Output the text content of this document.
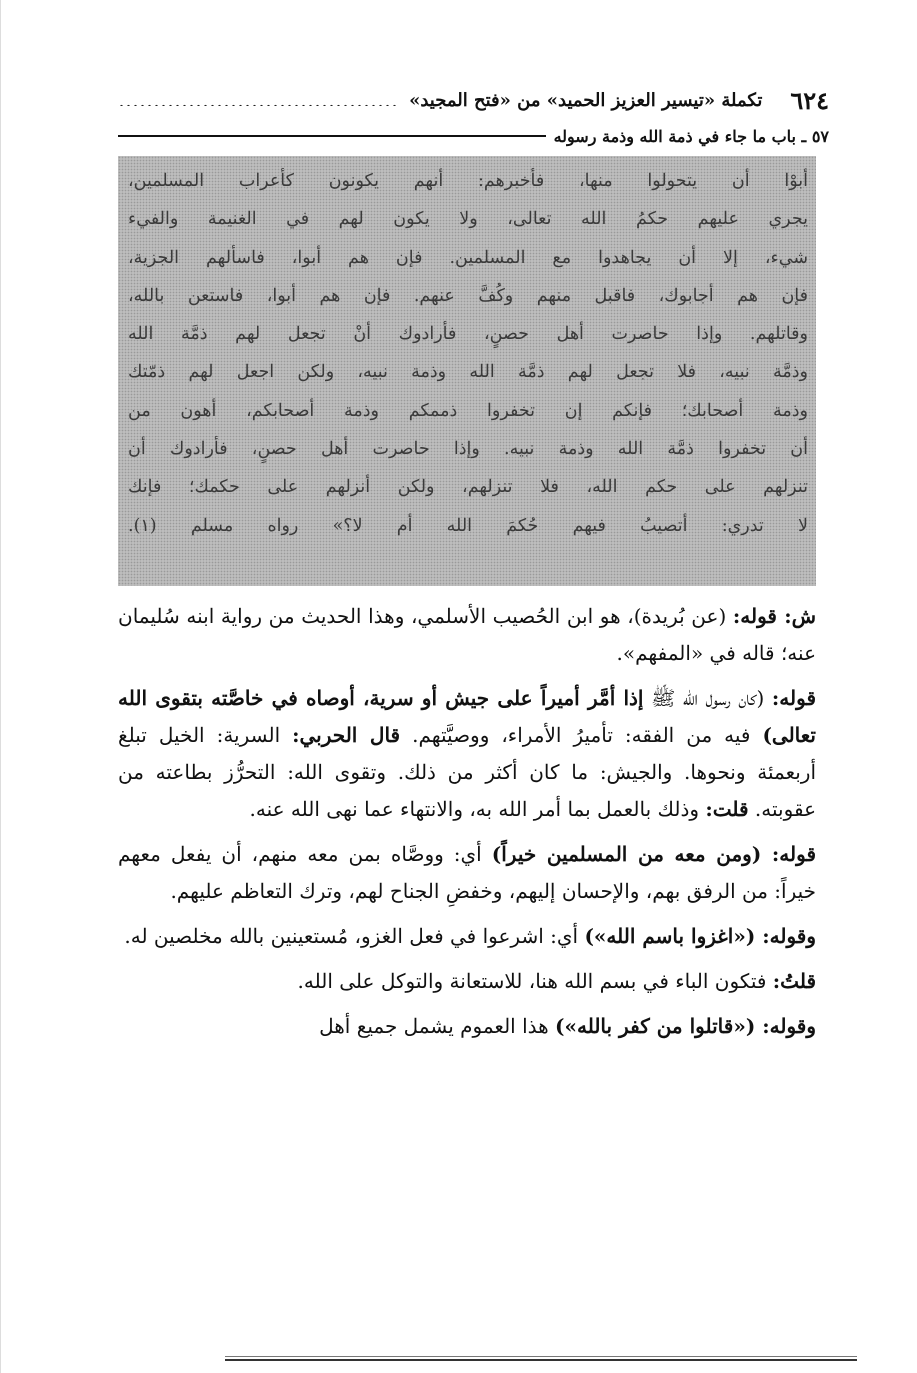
٦٢٤
تكملة «تيسير العزيز الحميد» من «فتح المجيد»
٥٧ ـ باب ما جاء في ذمة الله وذمة رسوله
أبوْا أن يتحولوا منها، فأخبرهم: أنهم يكونون كأعراب المسلمين،
يجري عليهم حكمُ الله تعالى، ولا يكون لهم في الغنيمة والفيء
شيء، إلا أن يجاهدوا مع المسلمين. فإن هم أبوا، فاسألهم الجزية،
فإن هم أجابوك، فاقبل منهم وكُفَّ عنهم. فإن هم أبوا، فاستعن بالله،
وقاتلهم. وإذا حاصرت أهل حصنٍ، فأرادوك أنْ تجعل لهم ذمَّة الله
وذمَّة نبيه، فلا تجعل لهم ذمَّة الله وذمة نبيه، ولكن اجعل لهم ذمّتك
وذمة أصحابك؛ فإنكم إن تخفروا ذممكم وذمة أصحابكم، أهون من
أن تخفروا ذمَّة الله وذمة نبيه. وإذا حاصرت أهل حصنٍ، فأرادوك أن
تنزلهم على حكم الله، فلا تنزلهم، ولكن أنزلهم على حكمك؛ فإنك
لا تدري: أتصيبُ فيهم حُكمَ الله أم لا؟» رواه مسلم (١).

ش: قوله: (عن بُريدة)، هو ابن الحُصيب الأسلمي، وهذا الحديث من رواية ابنه سُليمان عنه؛ قاله في «المفهم».

قوله: (كان رسول الله ﷺ إذا أمَّر أميراً على جيش أو سرية، أوصاه في خاصَّته بتقوى الله تعالى) فيه من الفقه: تأميرُ الأمراء، ووصيَّتهم. قال الحربي: السرية: الخيل تبلغ أربعمئة ونحوها. والجيش: ما كان أكثر من ذلك. وتقوى الله: التحرُّز بطاعته من عقوبته. قلت: وذلك بالعمل بما أمر الله به، والانتهاء عما نهى الله عنه.

قوله: (ومن معه من المسلمين خيراً) أي: ووصَّاه بمن معه منهم، أن يفعل معهم خيراً: من الرفق بهم، والإحسان إليهم، وخفضِ الجناح لهم، وترك التعاظم عليهم.

وقوله: («اغزوا باسم الله») أي: اشرعوا في فعل الغزو، مُستعينين بالله مخلصين له.

قلتُ: فتكون الباء في بسم الله هنا، للاستعانة والتوكل على الله.

وقوله: («قاتلوا من كفر بالله») هذا العموم يشمل جميع أهل
